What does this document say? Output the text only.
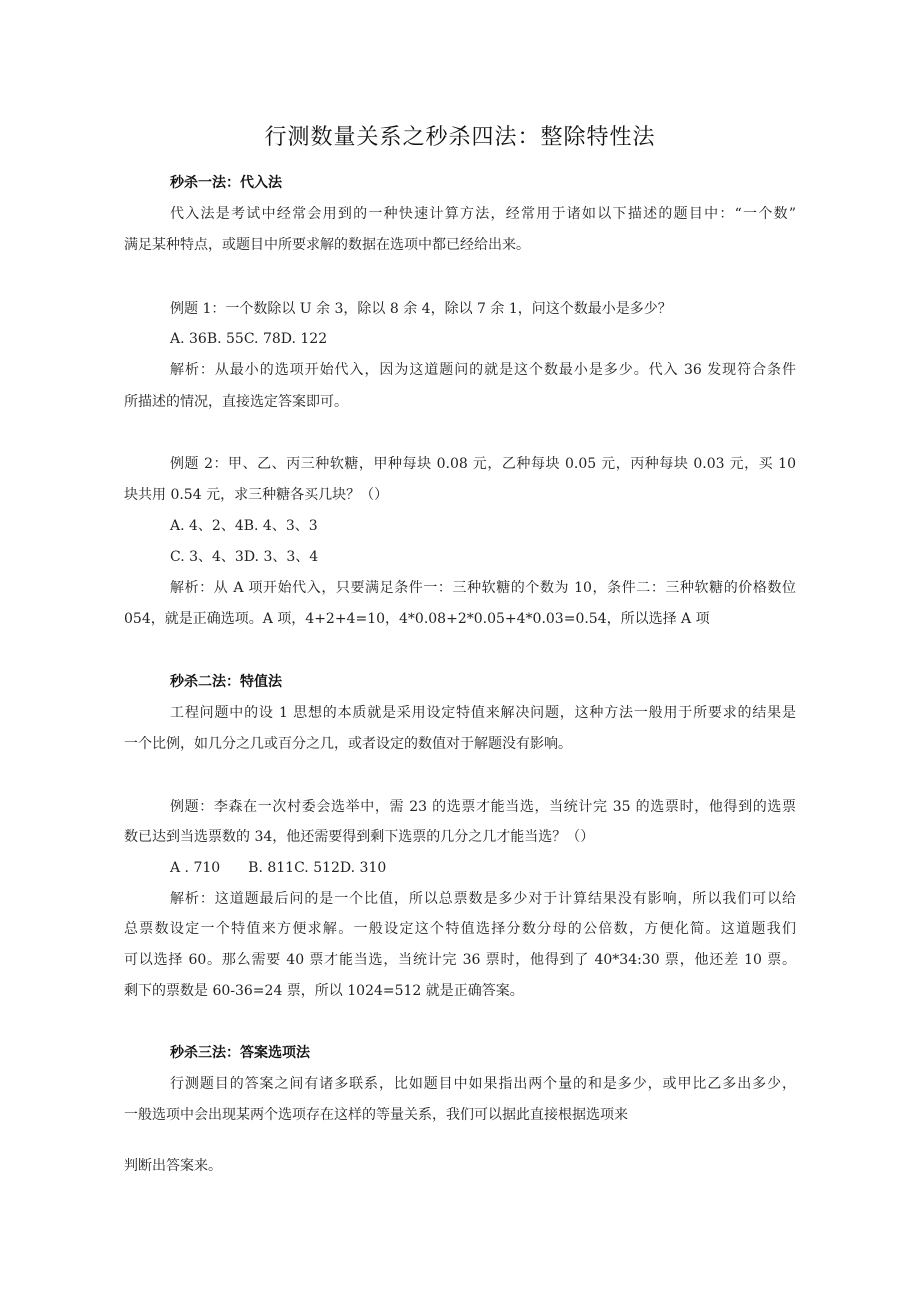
行测数量关系之秒杀四法：整除特性法
秒杀一法：代入法
代入法是考试中经常会用到的一种快速计算方法，经常用于诸如以下描述的题目中：“一个数”
满足某种特点，或题目中所要求解的数据在选项中都已经给出来。
例题 1：一个数除以 U 余 3，除以 8 余 4，除以 7 余 1，问这个数最小是多少？
A. 36B. 55C. 78D. 122
解析：从最小的选项开始代入，因为这道题问的就是这个数最小是多少。代入 36 发现符合条件
所描述的情况，直接选定答案即可。
例题 2：甲、乙、丙三种软糖，甲种每块 0.08 元，乙种每块 0.05 元，丙种每块 0.03 元，买 10
块共用 0.54 元，求三种糖各买几块？（）
A. 4、2、4B. 4、3、3
C. 3、4、3D. 3、3、4
解析：从 A 项开始代入，只要满足条件一：三种软糖的个数为 10，条件二：三种软糖的价格数位
054，就是正确选项。A 项，4+2+4=10，4*0.08+2*0.05+4*0.03=0.54，所以选择 A 项
秒杀二法：特值法
工程问题中的设 1 思想的本质就是采用设定特值来解决问题，这种方法一般用于所要求的结果是
一个比例，如几分之几或百分之几，或者设定的数值对于解题没有影响。
例题：李森在一次村委会选举中，需 23 的选票才能当选，当统计完 35 的选票时，他得到的选票
数已达到当选票数的 34，他还需要得到剩下选票的几分之几才能当选？（）
A . 710　　B. 811C. 512D. 310
解析：这道题最后问的是一个比值，所以总票数是多少对于计算结果没有影响，所以我们可以给
总票数设定一个特值来方便求解。一般设定这个特值选择分数分母的公倍数，方便化简。这道题我们
可以选择 60。那么需要 40 票才能当选，当统计完 36 票时，他得到了 40*34:30 票，他还差 10 票。
剩下的票数是 60-36=24 票，所以 1024=512 就是正确答案。
秒杀三法：答案选项法
行测题目的答案之间有诸多联系，比如题目中如果指出两个量的和是多少，或甲比乙多出多少，
一般选项中会出现某两个选项存在这样的等量关系，我们可以据此直接根据选项来
判断出答案来。
